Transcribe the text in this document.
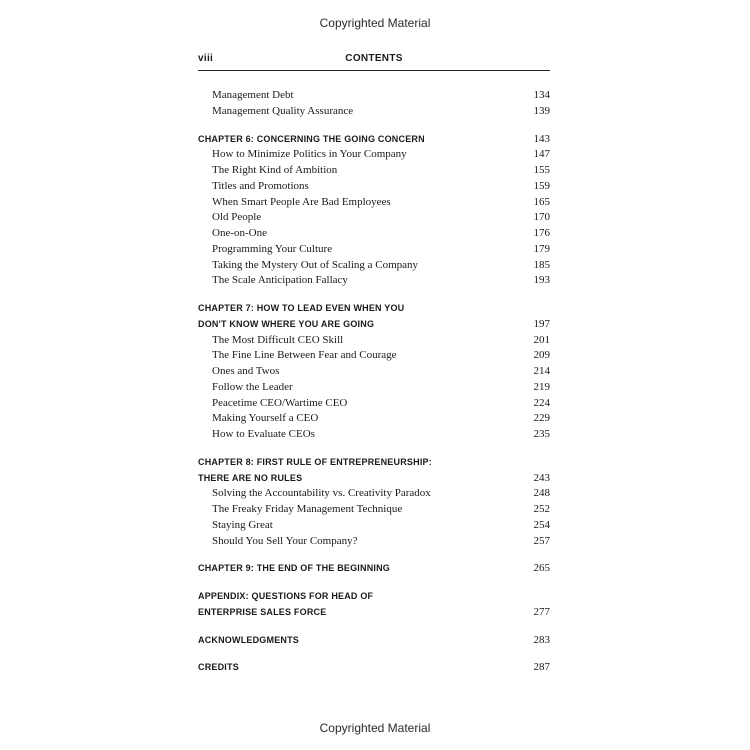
Copyrighted Material
viii	CONTENTS
Management Debt	134
Management Quality Assurance	139
CHAPTER 6: CONCERNING THE GOING CONCERN	143
How to Minimize Politics in Your Company	147
The Right Kind of Ambition	155
Titles and Promotions	159
When Smart People Are Bad Employees	165
Old People	170
One-on-One	176
Programming Your Culture	179
Taking the Mystery Out of Scaling a Company	185
The Scale Anticipation Fallacy	193
CHAPTER 7: HOW TO LEAD EVEN WHEN YOU
DON'T KNOW WHERE YOU ARE GOING	197
The Most Difficult CEO Skill	201
The Fine Line Between Fear and Courage	209
Ones and Twos	214
Follow the Leader	219
Peacetime CEO/Wartime CEO	224
Making Yourself a CEO	229
How to Evaluate CEOs	235
CHAPTER 8: FIRST RULE OF ENTREPRENEURSHIP:
THERE ARE NO RULES	243
Solving the Accountability vs. Creativity Paradox	248
The Freaky Friday Management Technique	252
Staying Great	254
Should You Sell Your Company?	257
CHAPTER 9: THE END OF THE BEGINNING	265
APPENDIX: QUESTIONS FOR HEAD OF
ENTERPRISE SALES FORCE	277
ACKNOWLEDGMENTS	283
CREDITS	287
Copyrighted Material
